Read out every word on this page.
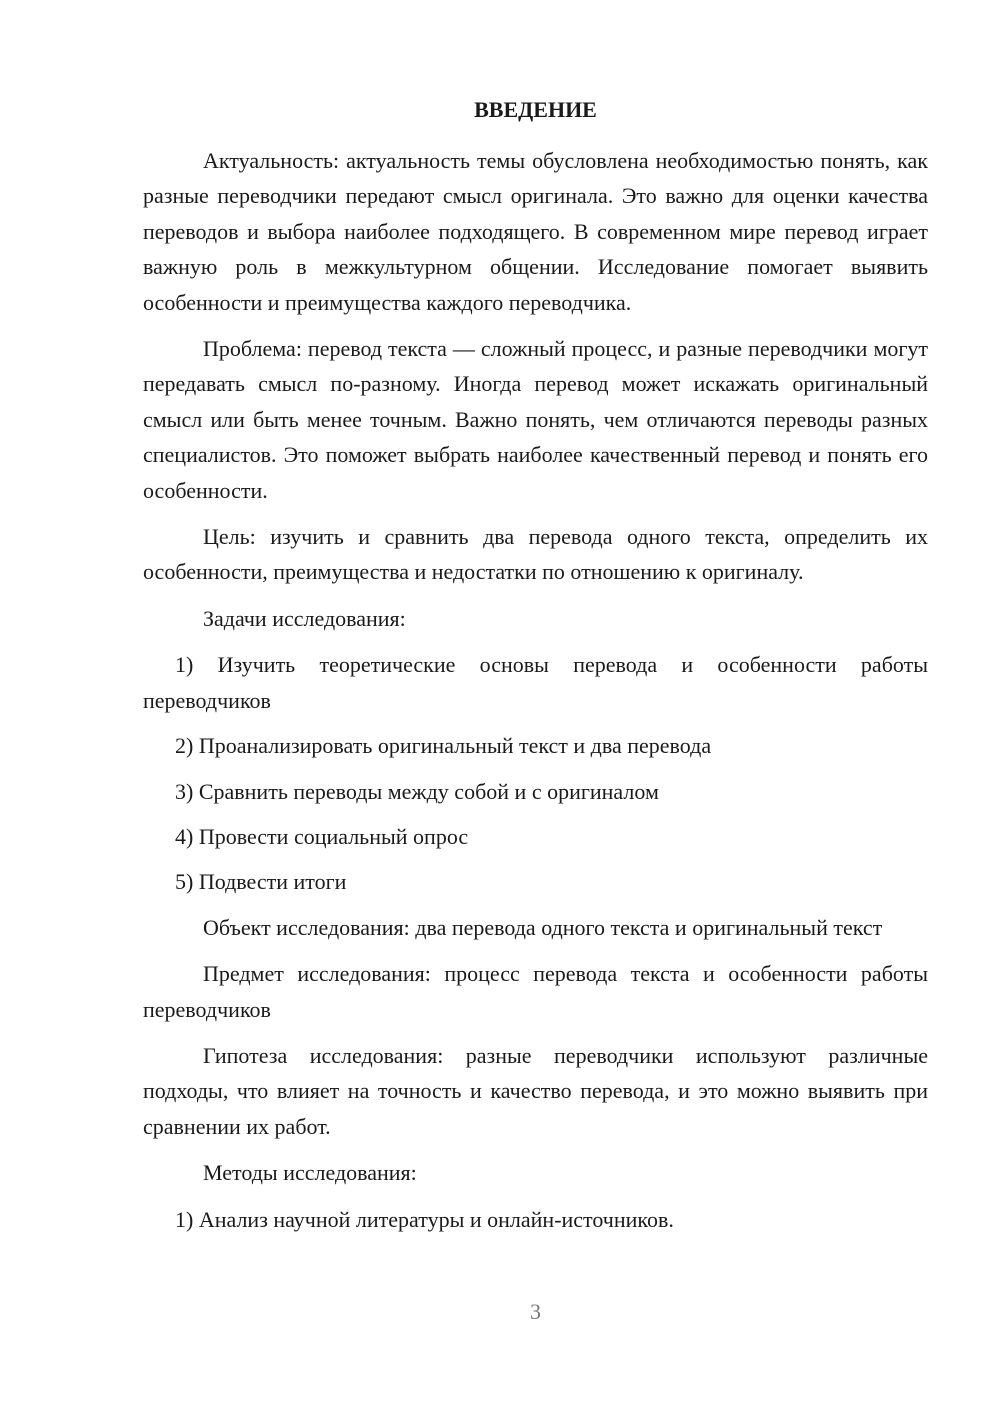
ВВЕДЕНИЕ

Актуальность: актуальность темы обусловлена необходимостью понять, как разные переводчики передают смысл оригинала. Это важно для оценки качества переводов и выбора наиболее подходящего. В современном мире перевод играет важную роль в межкультурном общении. Исследование помогает выявить особенности и преимущества каждого переводчика.

Проблема: перевод текста — сложный процесс, и разные переводчики могут передавать смысл по-разному. Иногда перевод может искажать оригинальный смысл или быть менее точным. Важно понять, чем отличаются переводы разных специалистов. Это поможет выбрать наиболее качественный перевод и понять его особенности.

Цель: изучить и сравнить два перевода одного текста, определить их особенности, преимущества и недостатки по отношению к оригиналу.

Задачи исследования:

1) Изучить теоретические основы перевода и особенности работы переводчиков

2) Проанализировать оригинальный текст и два перевода

3) Сравнить переводы между собой и с оригиналом

4) Провести социальный опрос

5) Подвести итоги

Объект исследования: два перевода одного текста и оригинальный текст

Предмет исследования: процесс перевода текста и особенности работы переводчиков

Гипотеза исследования: разные переводчики используют различные подходы, что влияет на точность и качество перевода, и это можно выявить при сравнении их работ.

Методы исследования:

1) Анализ научной литературы и онлайн-источников.

3
